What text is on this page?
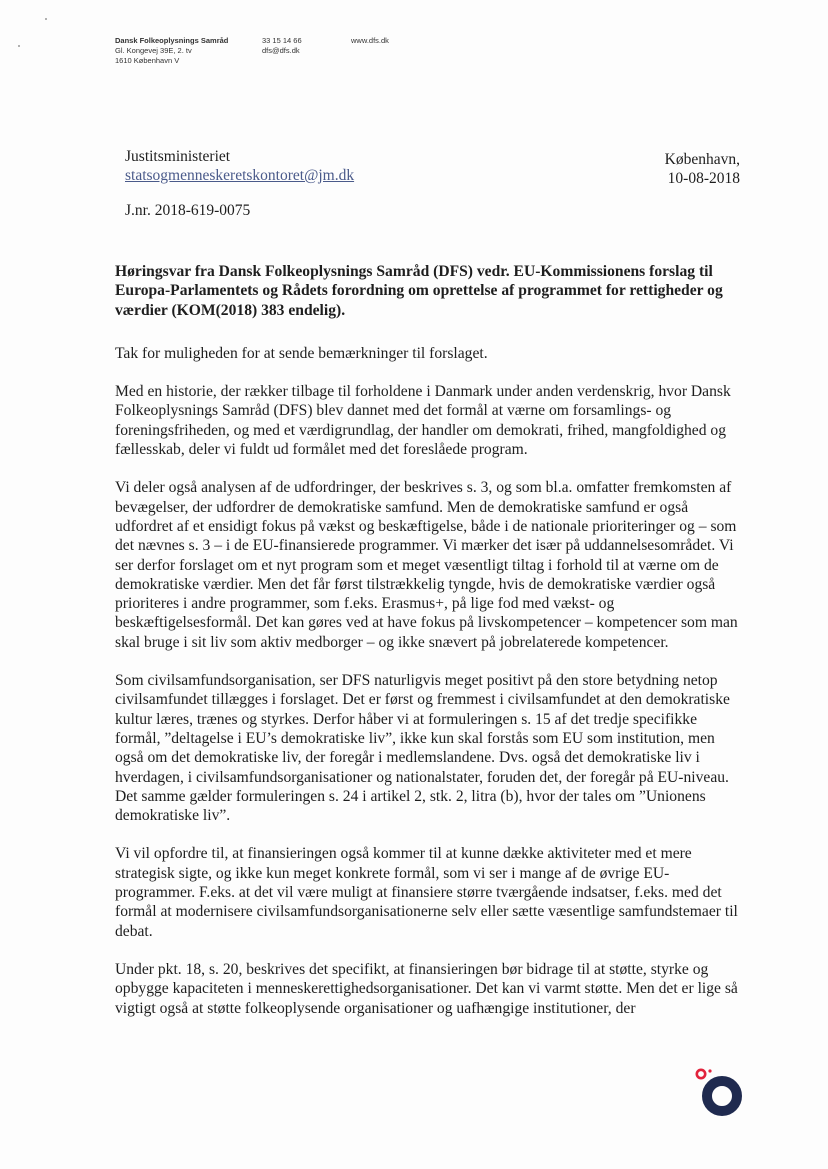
Dansk Folkeoplysnings Samråd
Gl. Kongevej 39E, 2. tv
1610 København V
33 15 14 66
dfs@dfs.dk
www.dfs.dk
Justitsministeriet
statsogmenneskeretskontoret@jm.dk
København,
10-08-2018
J.nr. 2018-619-0075

Høringsvar fra Dansk Folkeoplysnings Samråd (DFS) vedr. EU-Kommissionens forslag til Europa-Parlamentets og Rådets forordning om oprettelse af programmet for rettigheder og værdier (KOM(2018) 383 endelig).

Tak for muligheden for at sende bemærkninger til forslaget.

Med en historie, der rækker tilbage til forholdene i Danmark under anden verdenskrig, hvor Dansk Folkeoplysnings Samråd (DFS) blev dannet med det formål at værne om forsamlings- og foreningsfriheden, og med et værdigrundlag, der handler om demokrati, frihed, mangfoldighed og fællesskab, deler vi fuldt ud formålet med det foreslåede program.

Vi deler også analysen af de udfordringer, der beskrives s. 3, og som bl.a. omfatter fremkomsten af bevægelser, der udfordrer de demokratiske samfund. Men de demokratiske samfund er også udfordret af et ensidigt fokus på vækst og beskæftigelse, både i de nationale prioriteringer og – som det nævnes s. 3 – i de EU-finansierede programmer. Vi mærker det især på uddannelsesområdet. Vi ser derfor forslaget om et nyt program som et meget væsentligt tiltag i forhold til at værne om de demokratiske værdier. Men det får først tilstrækkelig tyngde, hvis de demokratiske værdier også prioriteres i andre programmer, som f.eks. Erasmus+, på lige fod med vækst- og beskæftigelsesformål. Det kan gøres ved at have fokus på livskompetencer – kompetencer som man skal bruge i sit liv som aktiv medborger – og ikke snævert på jobrelaterede kompetencer.

Som civilsamfundsorganisation, ser DFS naturligvis meget positivt på den store betydning netop civilsamfundet tillægges i forslaget. Det er først og fremmest i civilsamfundet at den demokratiske kultur læres, trænes og styrkes. Derfor håber vi at formuleringen s. 15 af det tredje specifikke formål, ”deltagelse i EU’s demokratiske liv”, ikke kun skal forstås som EU som institution, men også om det demokratiske liv, der foregår i medlemslandene. Dvs. også det demokratiske liv i hverdagen, i civilsamfundsorganisationer og nationalstater, foruden det, der foregår på EU-niveau. Det samme gælder formuleringen s. 24 i artikel 2, stk. 2, litra (b), hvor der tales om ”Unionens demokratiske liv”.

Vi vil opfordre til, at finansieringen også kommer til at kunne dække aktiviteter med et mere strategisk sigte, og ikke kun meget konkrete formål, som vi ser i mange af de øvrige EU-programmer. F.eks. at det vil være muligt at finansiere større tværgående indsatser, f.eks. med det formål at modernisere civilsamfundsorganisationerne selv eller sætte væsentlige samfundstemaer til debat.

Under pkt. 18, s. 20, beskrives det specifikt, at finansieringen bør bidrage til at støtte, styrke og opbygge kapaciteten i menneskerettighedsorganisationer. Det kan vi varmt støtte. Men det er lige så vigtigt også at støtte folkeoplysende organisationer og uafhængige institutioner, der
